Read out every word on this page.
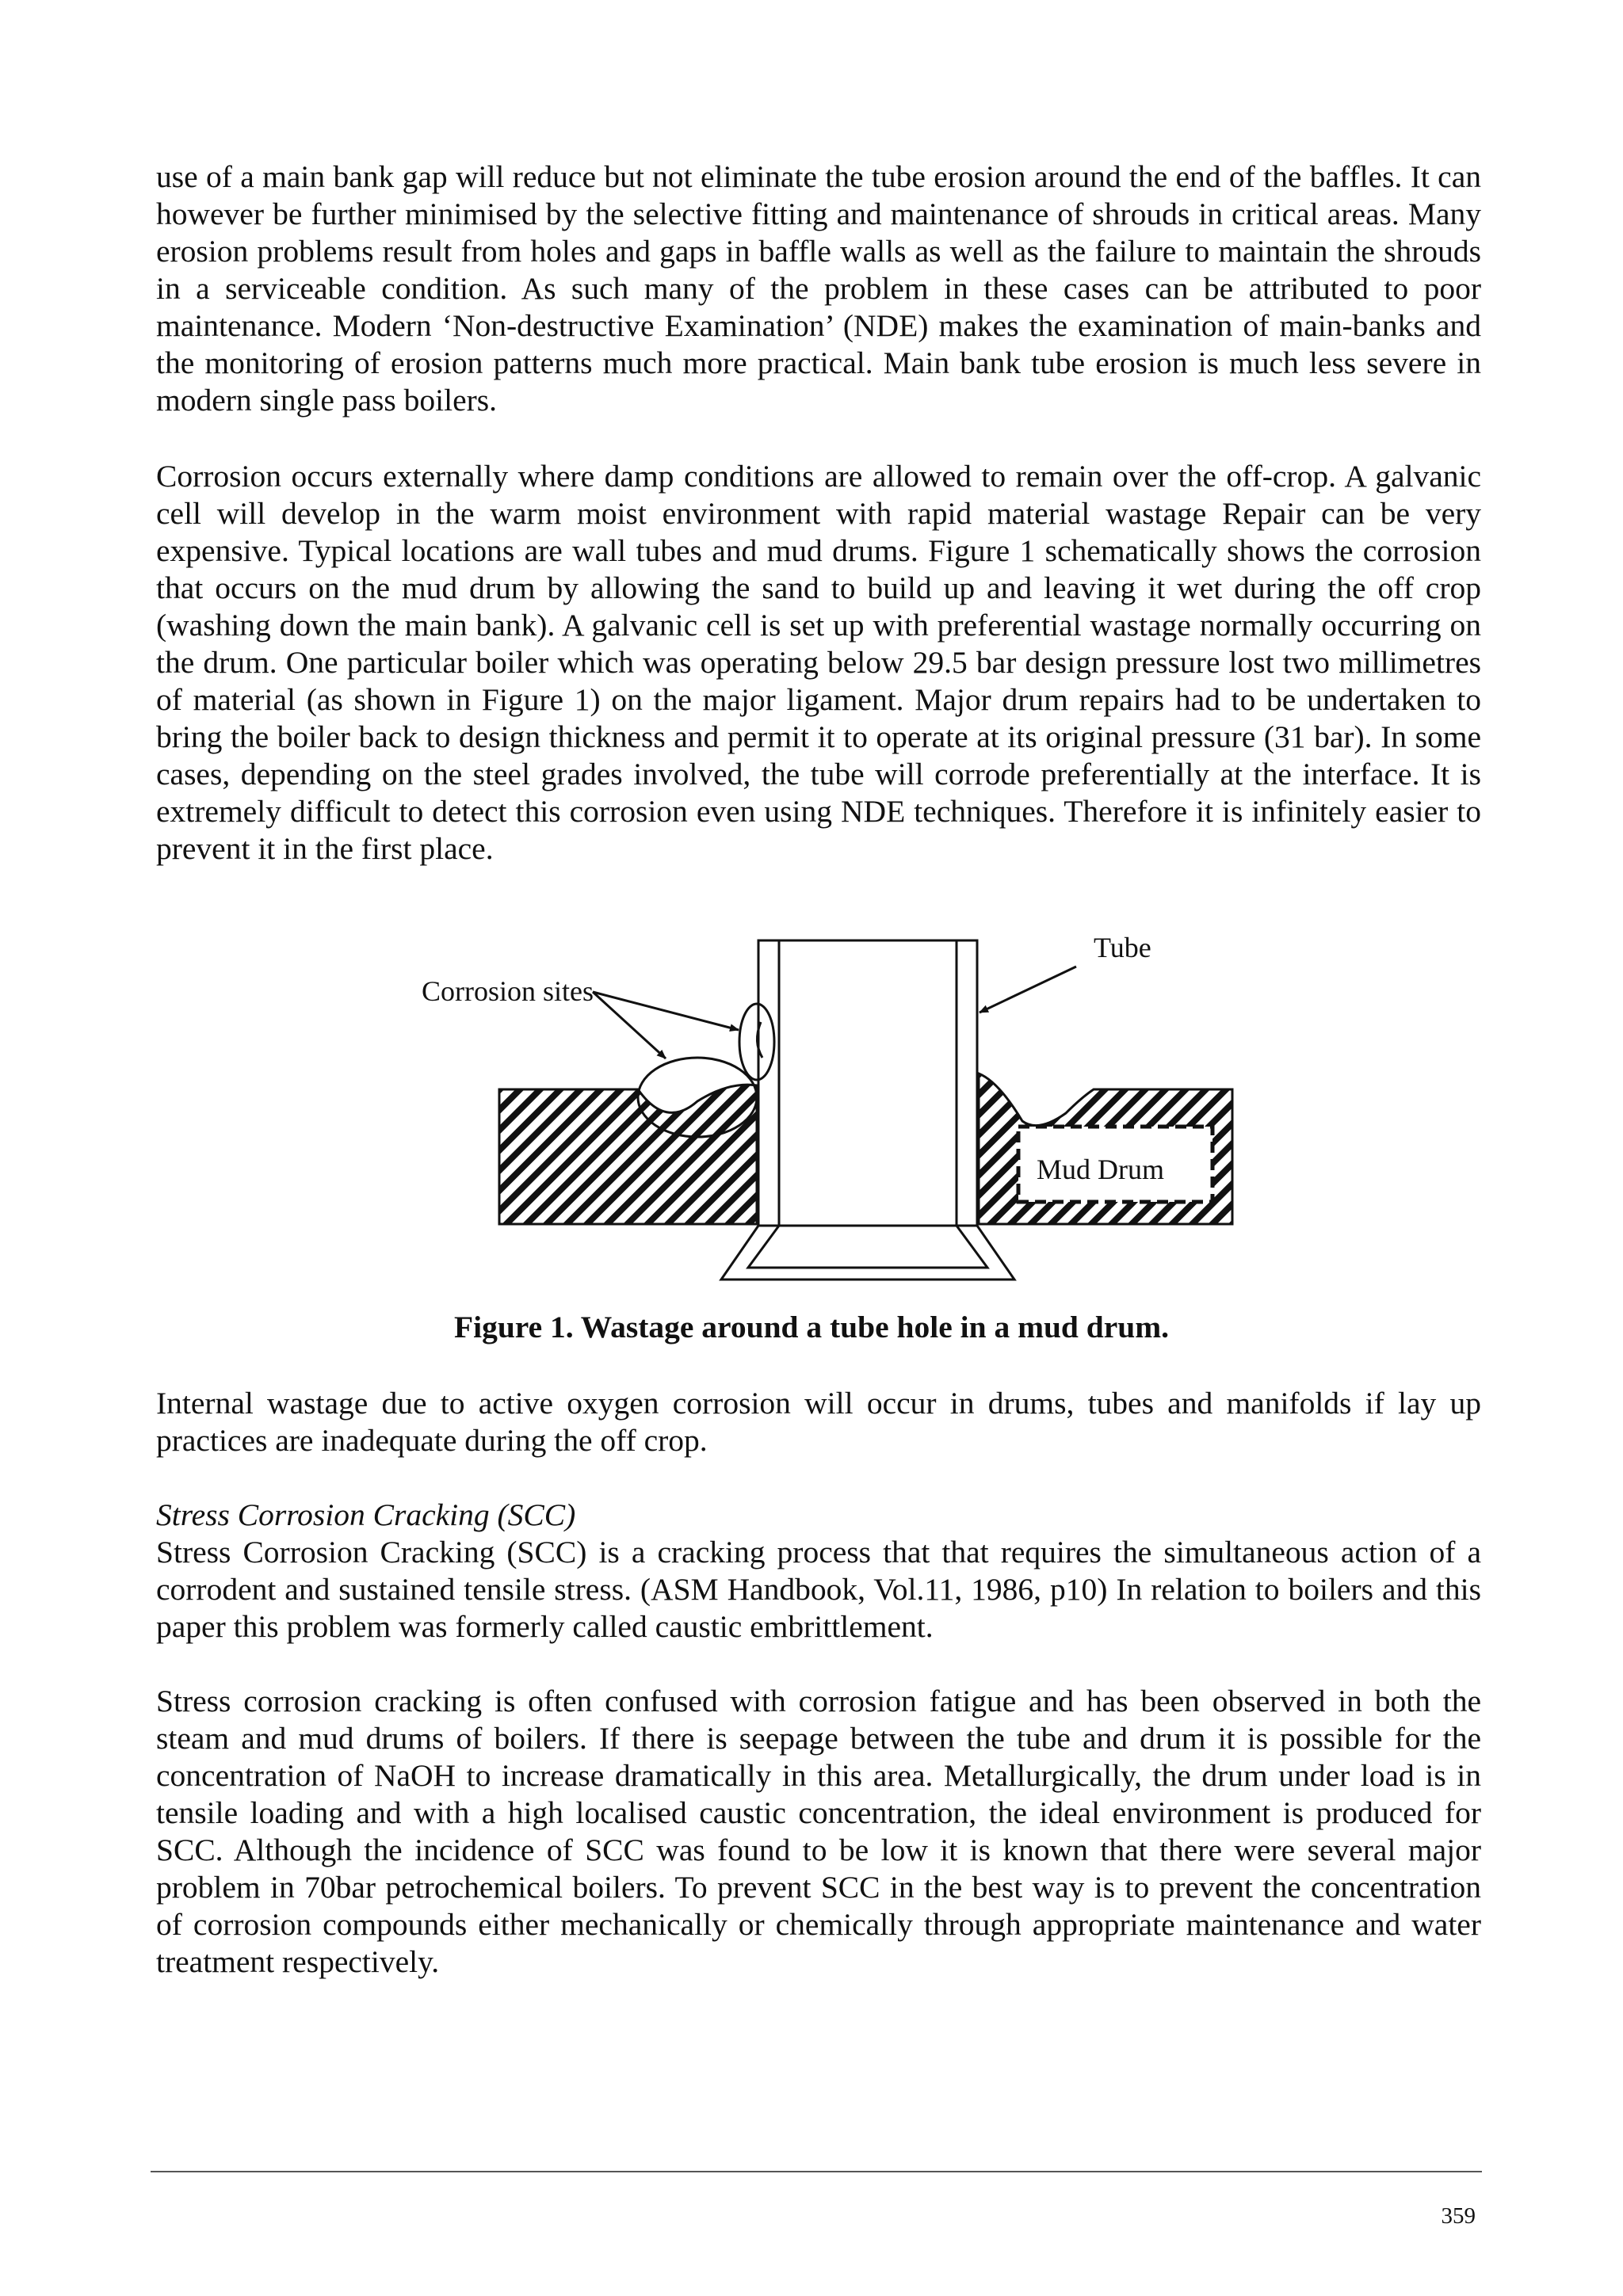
use of a main bank gap will reduce but not eliminate the tube erosion around the end of the baffles. It can however be further minimised by the selective fitting and maintenance of shrouds in critical areas. Many erosion problems result from holes and gaps in baffle walls as well as the failure to maintain the shrouds in a serviceable condition. As such many of the problem in these cases can be attributed to poor maintenance. Modern ‘Non-destructive Examination’ (NDE) makes the examination of main-banks and the monitoring of erosion patterns much more practical. Main bank tube erosion is much less severe in modern single pass boilers.

Corrosion occurs externally where damp conditions are allowed to remain over the off-crop. A galvanic cell will develop in the warm moist environment with rapid material wastage Repair can be very expensive. Typical locations are wall tubes and mud drums. Figure 1 schematically shows the corrosion that occurs on the mud drum by allowing the sand to build up and leaving it wet during the off crop (washing down the main bank). A galvanic cell is set up with preferential wastage normally occurring on the drum. One particular boiler which was operating below 29.5 bar design pressure lost two millimetres of material (as shown in Figure 1) on the major ligament. Major drum repairs had to be undertaken to bring the boiler back to design thickness and permit it to operate at its original pressure (31 bar). In some cases, depending on the steel grades involved, the tube will corrode preferentially at the interface. It is extremely difficult to detect this corrosion even using NDE techniques. Therefore it is infinitely easier to prevent it in the first place.

Mud Drum
Corrosion sites
Tube

Figure 1. Wastage around a tube hole in a mud drum.

Internal wastage due to active oxygen corrosion will occur in drums, tubes and manifolds if lay up practices are inadequate during the off crop.

Stress Corrosion Cracking (SCC)

Stress Corrosion Cracking (SCC) is a cracking process that that requires the simultaneous action of a corrodent and sustained tensile stress. (ASM Handbook, Vol.11, 1986, p10) In relation to boilers and this paper this problem was formerly called caustic embrittlement.

Stress corrosion cracking is often confused with corrosion fatigue and has been observed in both the steam and mud drums of boilers. If there is seepage between the tube and drum it is possible for the concentration of NaOH to increase dramatically in this area. Metallurgically, the drum under load is in tensile loading and with a high localised caustic concentration, the ideal environment is produced for SCC. Although the incidence of SCC was found to be low it is known that there were several major problem in 70bar petrochemical boilers. To prevent SCC in the best way is to prevent the concentration of corrosion compounds either mechanically or chemically through appropriate maintenance and water treatment respectively.

359
